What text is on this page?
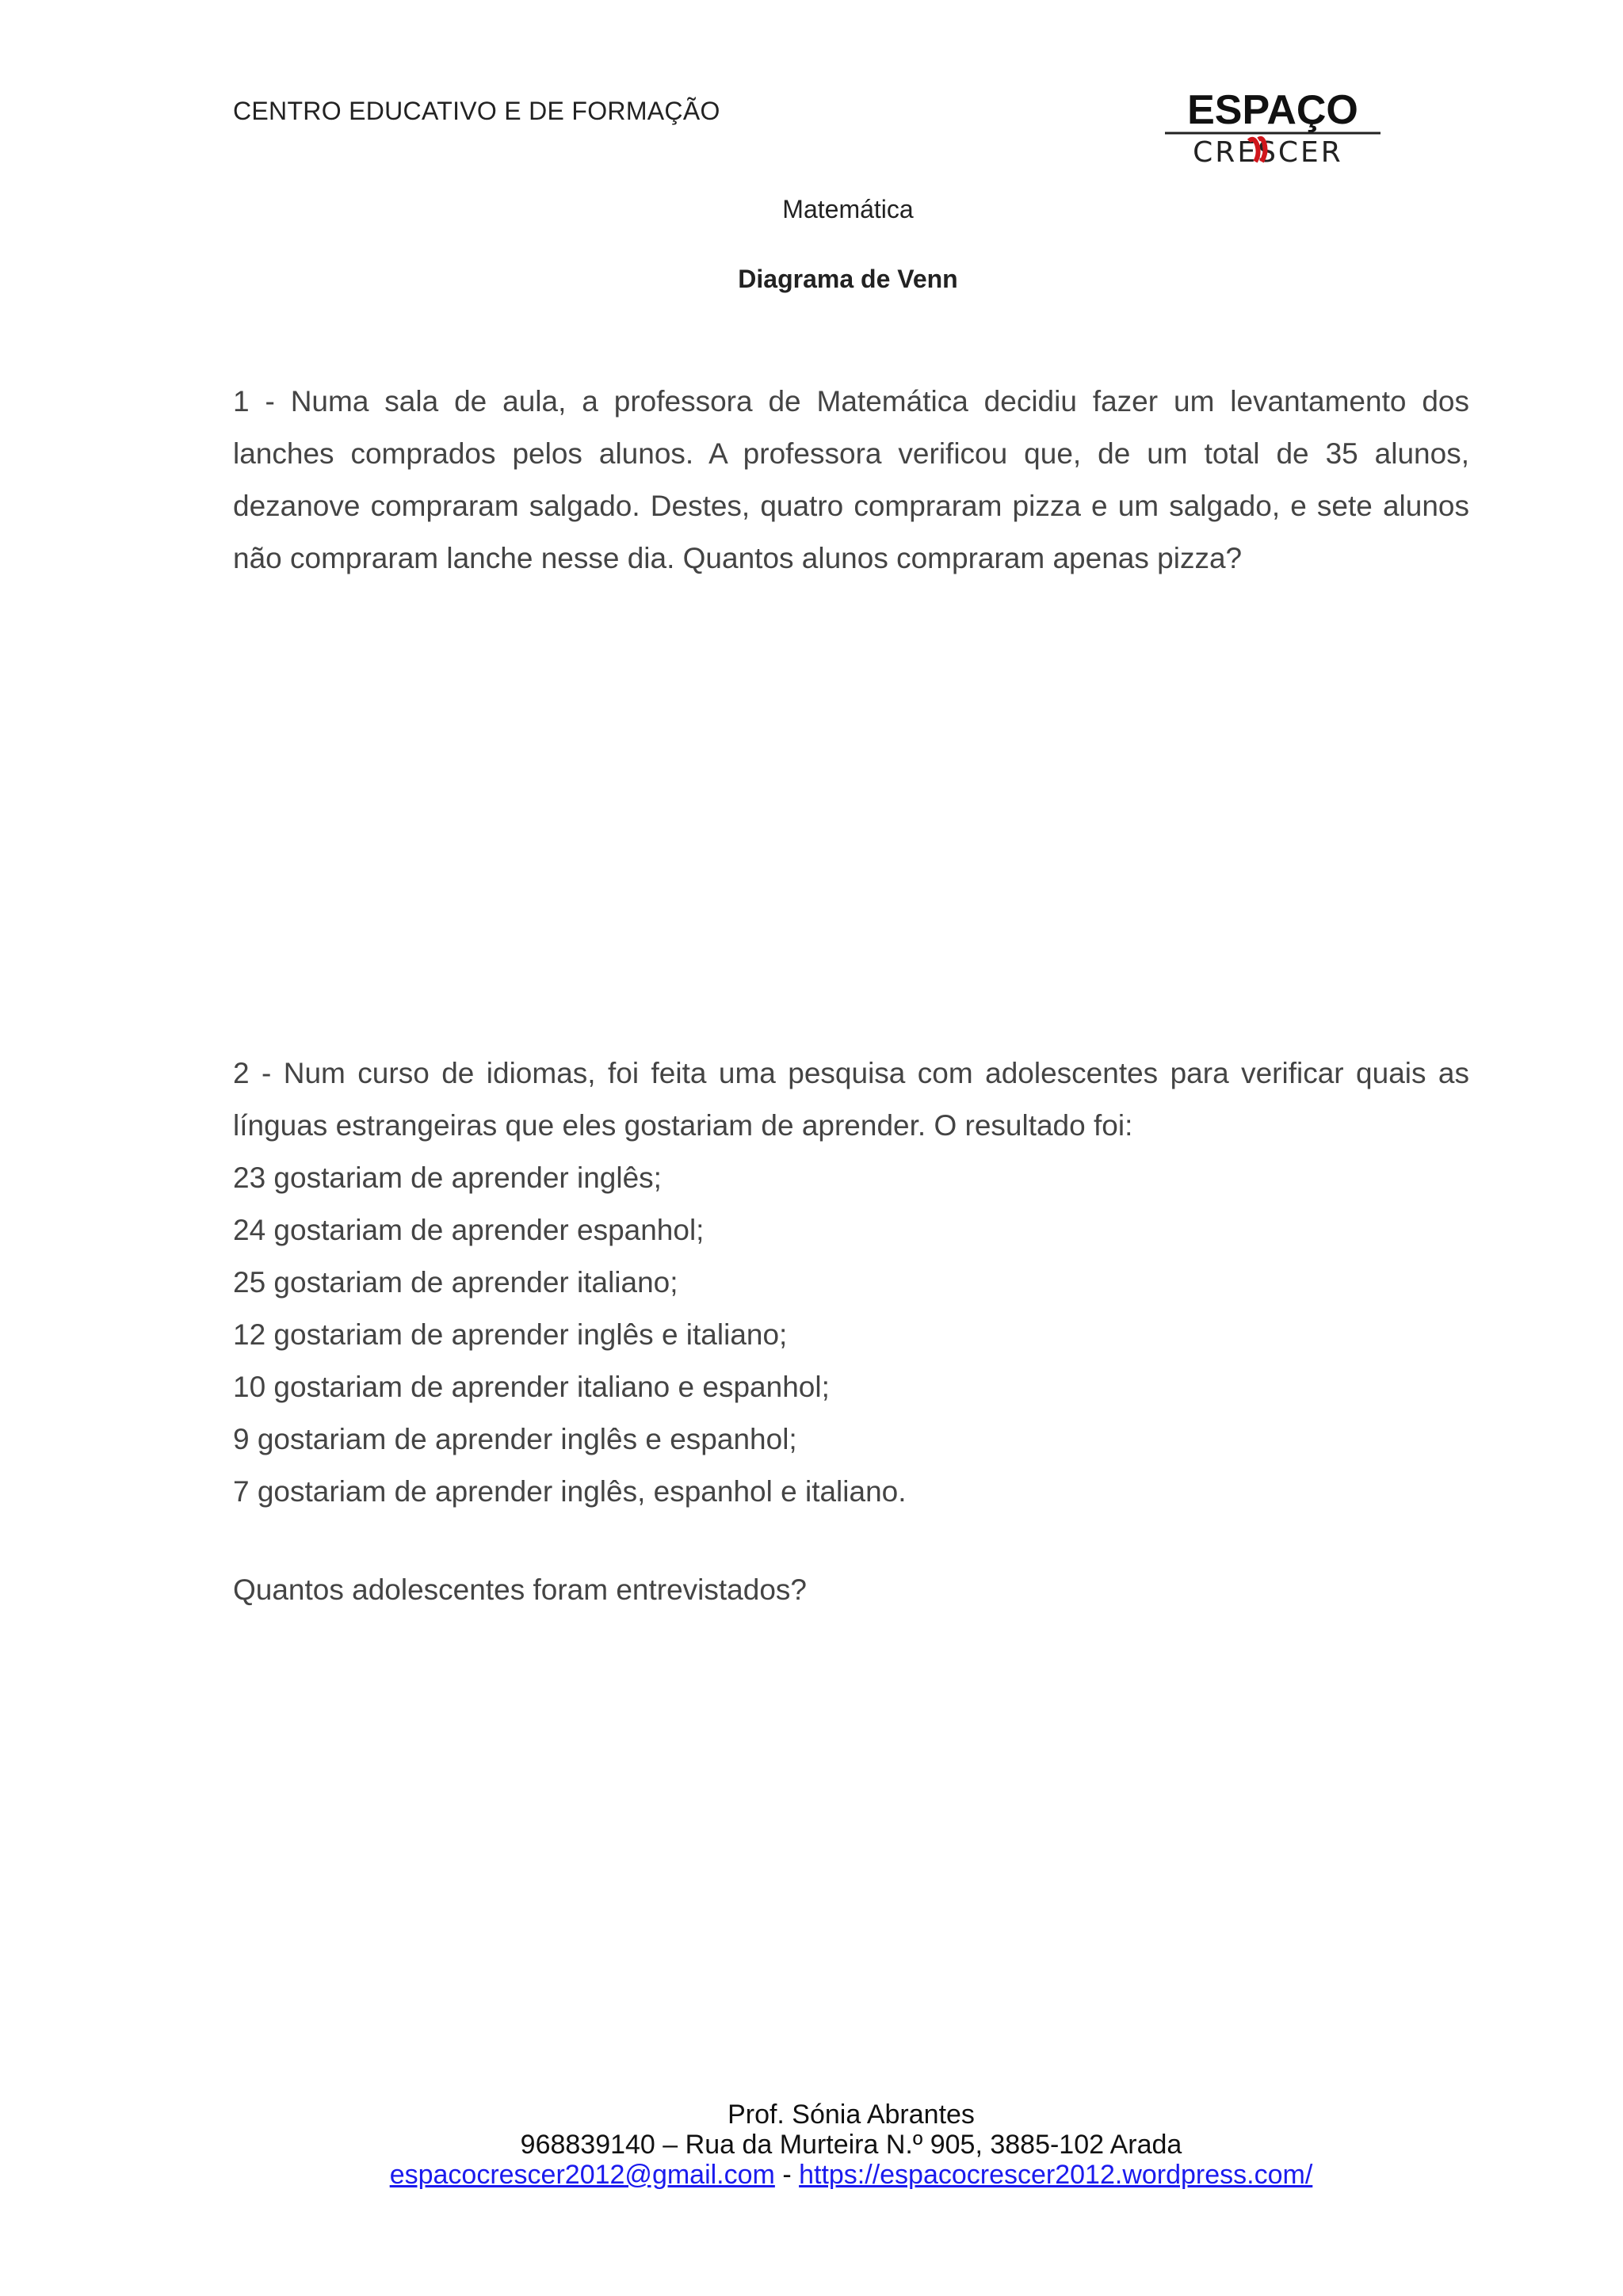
CENTRO EDUCATIVO E DE FORMAÇÃO	ESPAÇO
CRESCER
Matemática
Diagrama de Venn

1 - Numa sala de aula, a professora de Matemática decidiu fazer um levantamento dos lanches comprados pelos alunos. A professora verificou que, de um total de 35 alunos, dezanove compraram salgado. Destes, quatro compraram pizza e um salgado, e sete alunos não compraram lanche nesse dia. Quantos alunos compraram apenas pizza?

2 - Num curso de idiomas, foi feita uma pesquisa com adolescentes para verificar quais as línguas estrangeiras que eles gostariam de aprender. O resultado foi:

23 gostariam de aprender inglês;
24 gostariam de aprender espanhol;
25 gostariam de aprender italiano;
12 gostariam de aprender inglês e italiano;
10 gostariam de aprender italiano e espanhol;
9 gostariam de aprender inglês e espanhol;
7 gostariam de aprender inglês, espanhol e italiano.

Quantos adolescentes foram entrevistados?

Prof. Sónia Abrantes
968839140 – Rua da Murteira N.º 905, 3885-102 Arada
espacocrescer2012@gmail.com - https://espacocrescer2012.wordpress.com/
